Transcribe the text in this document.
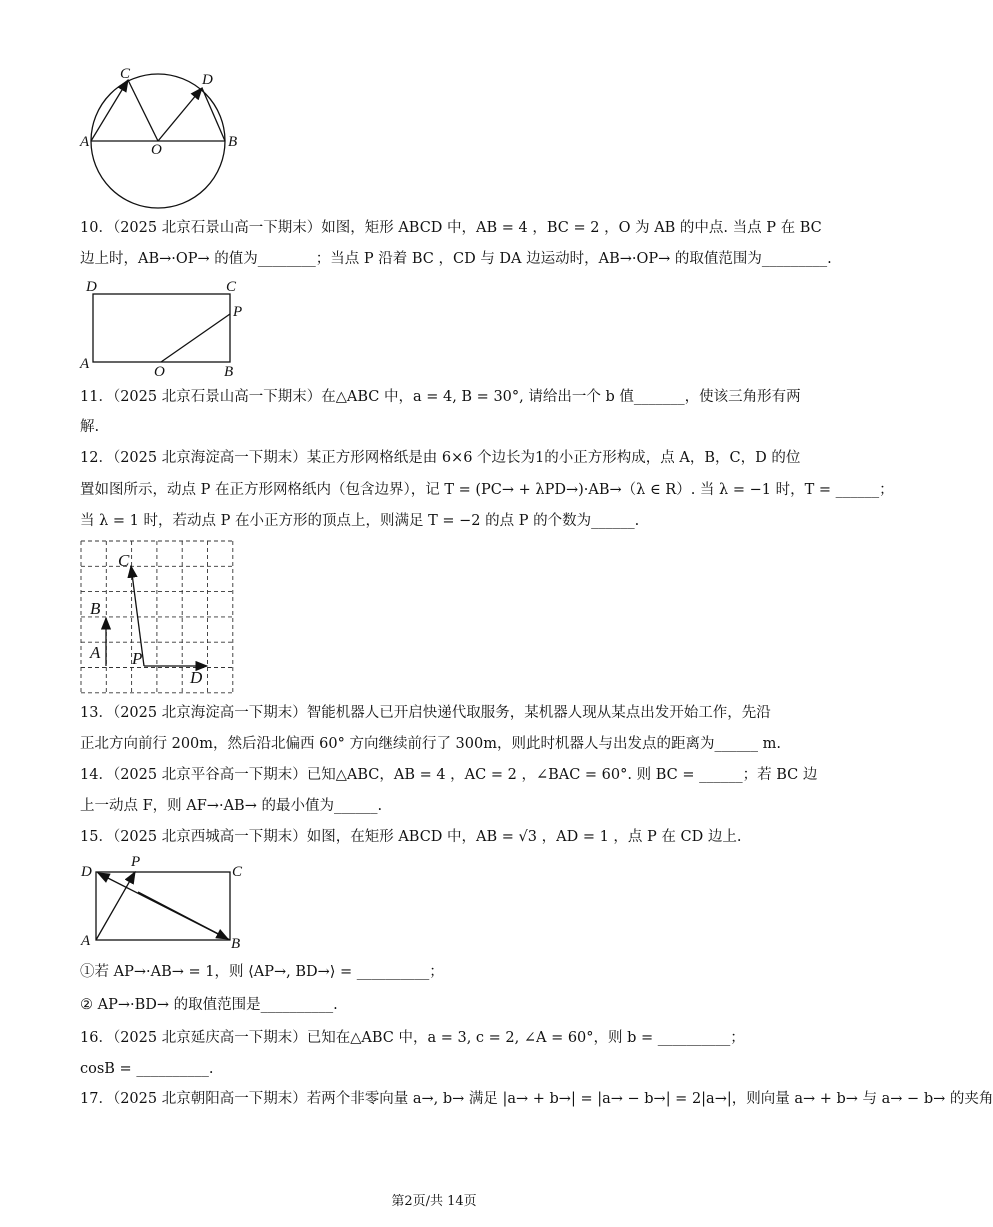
C	D
A	O	B
10．（2025 北京石景山高一下期末）如图，矩形 ABCD 中，AB = 4 ，BC = 2 ，O 为 AB 的中点. 当点 P 在 BC
边上时，AB→·OP→ 的值为________；当点 P 沿着 BC ，CD 与 DA 边运动时，AB→·OP→ 的取值范围为_________.
D	C
P
A	O	B
11．（2025 北京石景山高一下期末）在△ABC 中，a = 4, B = 30°, 请给出一个 b 值_______，使该三角形有两
解.
12．（2025 北京海淀高一下期末）某正方形网格纸是由 6×6 个边长为1的小正方形构成，点 A，B，C，D 的位
置如图所示，动点 P 在正方形网格纸内（包含边界），记 T = (PC→ + λPD→)·AB→（λ ∈ R）. 当 λ = −1 时，T = ______；
当 λ = 1 时，若动点 P 在小正方形的顶点上，则满足 T = −2 的点 P 的个数为______.
C
B
A P
D
13．（2025 北京海淀高一下期末）智能机器人已开启快递代取服务，某机器人现从某点出发开始工作，先沿
正北方向前行 200m，然后沿北偏西 60° 方向继续前行了 300m，则此时机器人与出发点的距离为______ m.
14．（2025 北京平谷高一下期末）已知△ABC，AB = 4 ，AC = 2 ，∠BAC = 60°. 则 BC = ______；若 BC 边
上一动点 F，则 AF→·AB→ 的最小值为______.
15．（2025 北京西城高一下期末）如图，在矩形 ABCD 中，AB = √3 ，AD = 1 ，点 P 在 CD 边上.
D
P
C
A	B
①若 AP→·AB→ = 1，则 ⟨AP→, BD→⟩ = __________；
② AP→·BD→ 的取值范围是__________.
16．（2025 北京延庆高一下期末）已知在△ABC 中，a = 3, c = 2, ∠A = 60°，则 b = __________；
cosB = __________.
17．（2025 北京朝阳高一下期末）若两个非零向量 a→, b→ 满足 |a→ + b→| = |a→ − b→| = 2|a→|，则向量 a→ + b→ 与 a→ − b→ 的夹角
第2页/共 14页
